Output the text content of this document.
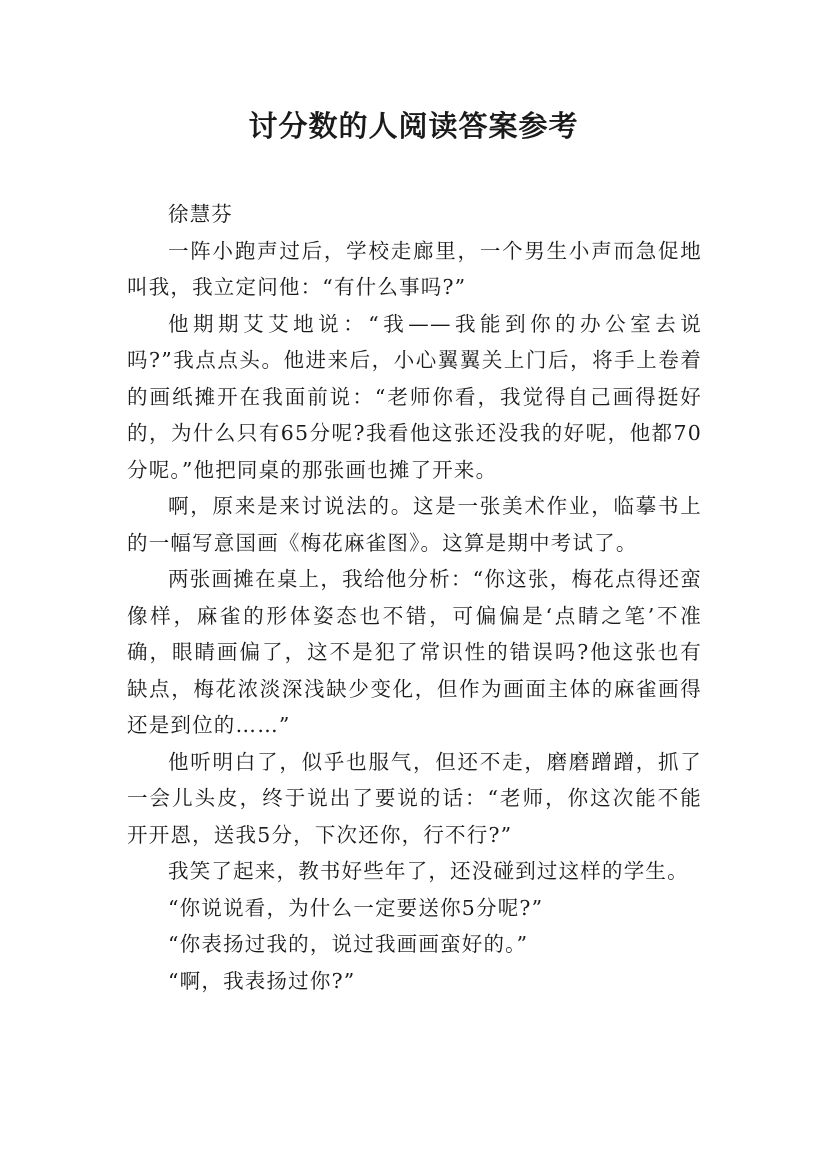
讨分数的人阅读答案参考

徐慧芬

一阵小跑声过后，学校走廊里，一个男生小声而急促地叫我，我立定问他：“有什么事吗?”

他期期艾艾地说：“我——我能到你的办公室去说吗?”我点点头。他进来后，小心翼翼关上门后，将手上卷着的画纸摊开在我面前说：“老师你看，我觉得自己画得挺好的，为什么只有65分呢?我看他这张还没我的好呢，他都70分呢。”他把同桌的那张画也摊了开来。

啊，原来是来讨说法的。这是一张美术作业，临摹书上的一幅写意国画《梅花麻雀图》。这算是期中考试了。

两张画摊在桌上，我给他分析：“你这张，梅花点得还蛮像样，麻雀的形体姿态也不错，可偏偏是‘点睛之笔’不准确，眼睛画偏了，这不是犯了常识性的错误吗?他这张也有缺点，梅花浓淡深浅缺少变化，但作为画面主体的麻雀画得还是到位的……”

他听明白了，似乎也服气，但还不走，磨磨蹭蹭，抓了一会儿头皮，终于说出了要说的话：“老师，你这次能不能开开恩，送我5分，下次还你，行不行?”

我笑了起来，教书好些年了，还没碰到过这样的学生。

“你说说看，为什么一定要送你5分呢?”

“你表扬过我的，说过我画画蛮好的。”

“啊，我表扬过你?”
